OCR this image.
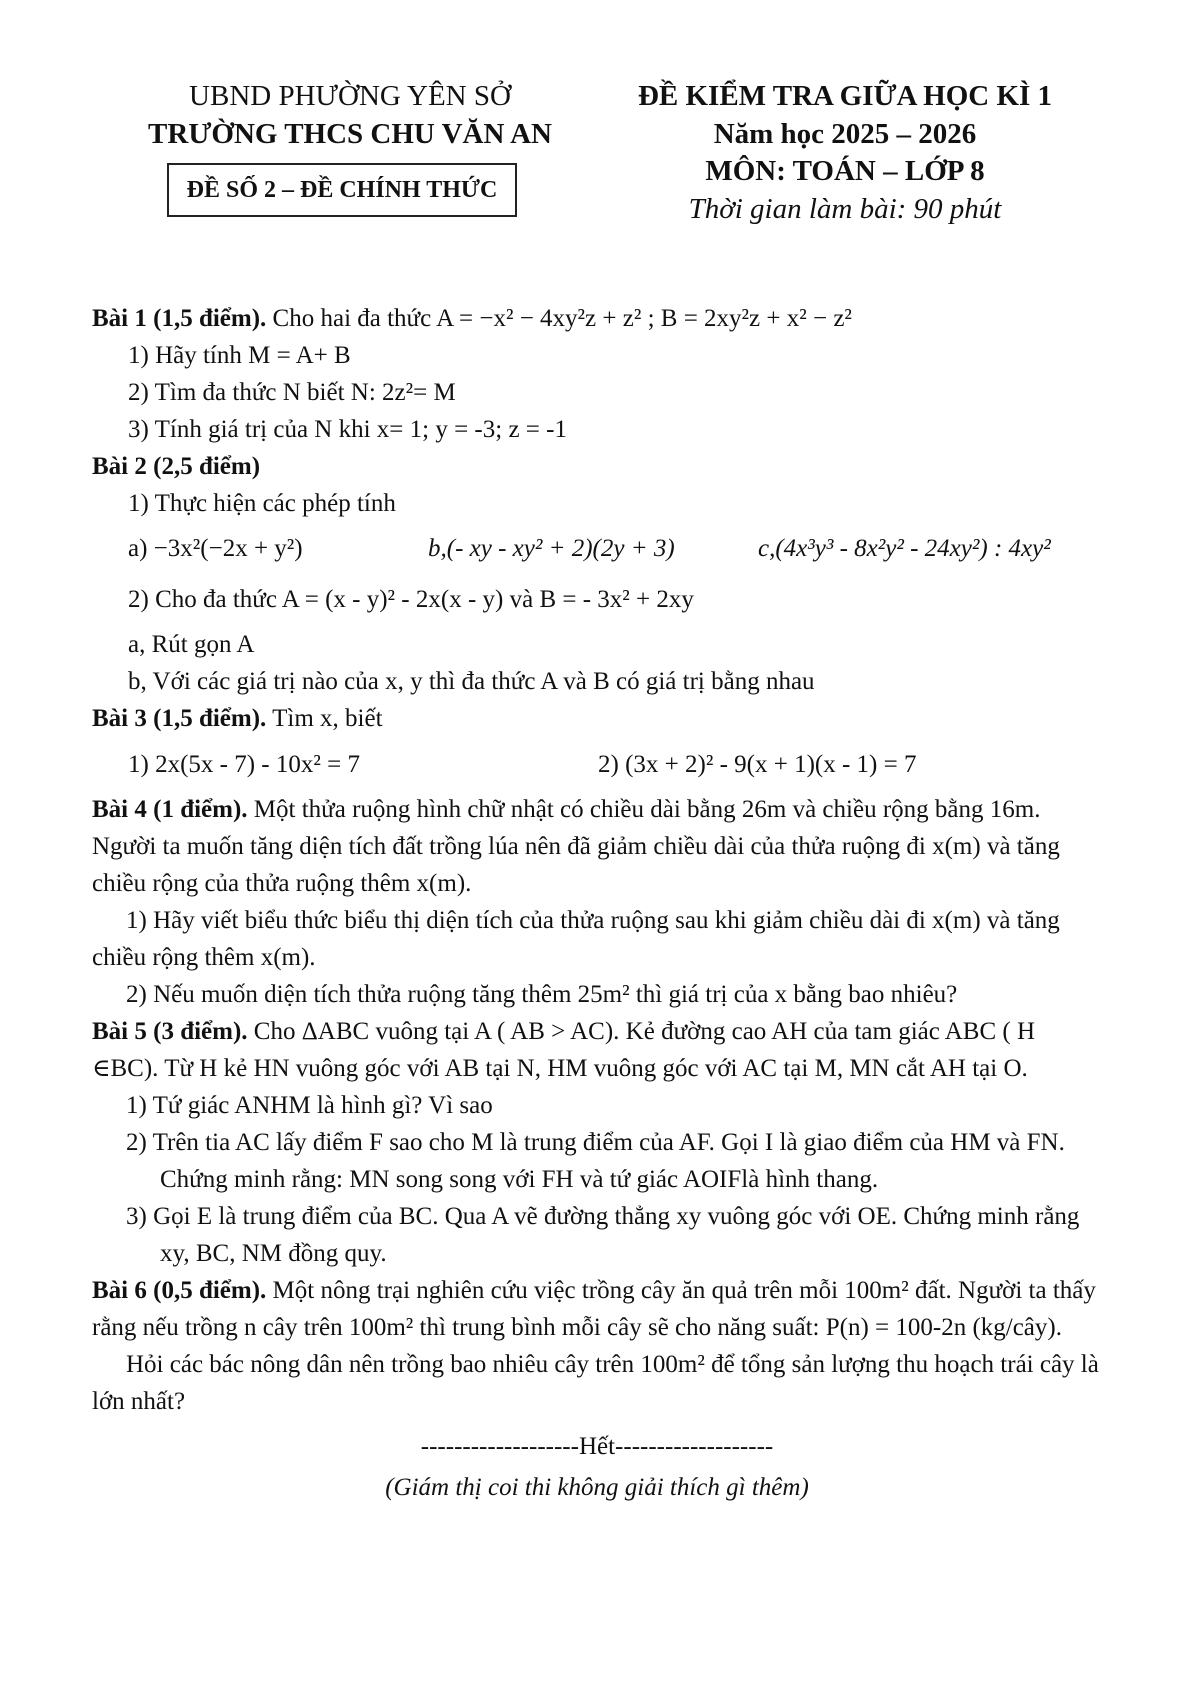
UBND PHƯỜNG YÊN SỞ
TRƯỜNG THCS CHU VĂN AN
ĐỀ SỐ 2 – ĐỀ CHÍNH THỨC
ĐỀ KIỂM TRA GIỮA HỌC KÌ 1
Năm học 2025 – 2026
MÔN: TOÁN – LỚP 8
Thời gian làm bài: 90 phút

Bài 1 (1,5 điểm). Cho hai đa thức A = −x² − 4xy²z + z² ; B = 2xy²z + x² − z²

1) Hãy tính M = A+ B

2) Tìm đa thức N biết N: 2z²= M

3) Tính giá trị của N khi x= 1; y = -3; z = -1

Bài 2 (2,5 điểm)

1) Thực hiện các phép tính

a) −3x²(−2x + y²)	b,(- xy - xy² + 2)(2y + 3)	c,(4x³y³ - 8x²y² - 24xy²) : 4xy²

2) Cho đa thức A = (x - y)² - 2x(x - y) và B = - 3x² + 2xy

a, Rút gọn A

b, Với các giá trị nào của x, y thì đa thức A và B có giá trị bằng nhau

Bài 3 (1,5 điểm). Tìm x, biết

1) 2x(5x - 7) - 10x² = 7	2) (3x + 2)² - 9(x + 1)(x - 1) = 7

Bài 4 (1 điểm). Một thửa ruộng hình chữ nhật có chiều dài bằng 26m và chiều rộng bằng 16m. Người ta muốn tăng diện tích đất trồng lúa nên đã giảm chiều dài của thửa ruộng đi x(m) và tăng chiều rộng của thửa ruộng thêm x(m).

1) Hãy viết biểu thức biểu thị diện tích của thửa ruộng sau khi giảm chiều dài đi x(m) và tăng chiều rộng thêm x(m).

2) Nếu muốn diện tích thửa ruộng tăng thêm 25m² thì giá trị của x bằng bao nhiêu?

Bài 5 (3 điểm). Cho ΔABC vuông tại A ( AB > AC). Kẻ đường cao AH của tam giác ABC ( H ∈BC). Từ H kẻ HN vuông góc với AB tại N, HM vuông góc với AC tại M, MN cắt AH tại O.

1) Tứ giác ANHM là hình gì? Vì sao

2) Trên tia AC lấy điểm F sao cho M là trung điểm của AF. Gọi I là giao điểm của HM và FN. Chứng minh rằng: MN song song với FH và tứ giác AOIFlà hình thang.

3) Gọi E là trung điểm của BC. Qua A vẽ đường thẳng xy vuông góc với OE. Chứng minh rằng xy, BC, NM đồng quy.

Bài 6 (0,5 điểm). Một nông trại nghiên cứu việc trồng cây ăn quả trên mỗi 100m² đất. Người ta thấy rằng nếu trồng n cây trên 100m² thì trung bình mỗi cây sẽ cho năng suất: P(n) = 100-2n (kg/cây).

Hỏi các bác nông dân nên trồng bao nhiêu cây trên 100m² để tổng sản lượng thu hoạch trái cây là lớn nhất?

-------------------Hết-------------------

(Giám thị coi thi không giải thích gì thêm)
